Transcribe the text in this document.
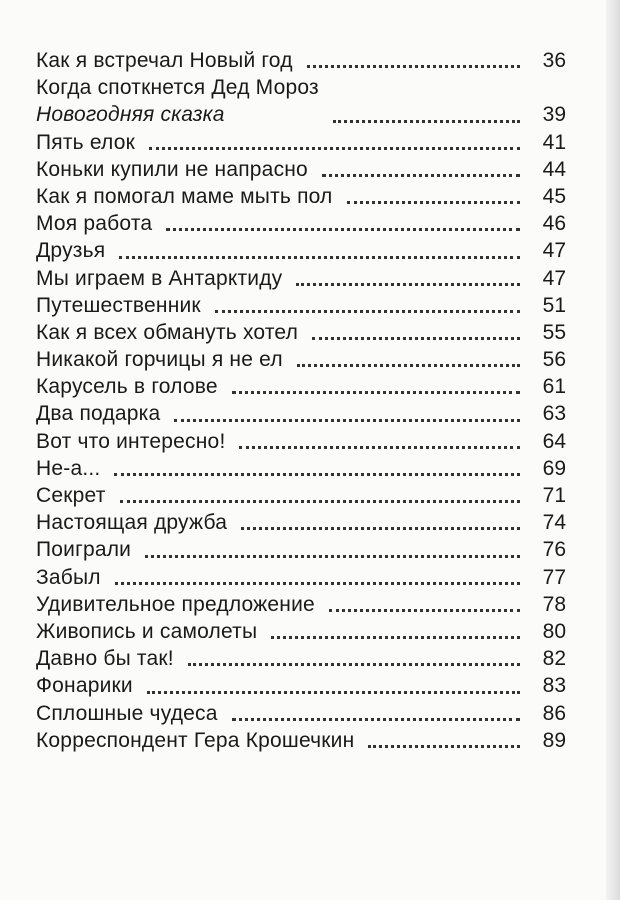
Как я встречал Новый год	36
Когда споткнется Дед Мороз
Новогодняя сказка	39
Пять елок	41
Коньки купили не напрасно	44
Как я помогал маме мыть пол	45
Моя работа	46
Друзья	47
Мы играем в Антарктиду	47
Путешественник	51
Как я всех обмануть хотел	55
Никакой горчицы я не ел	56
Карусель в голове	61
Два подарка	63
Вот что интересно!	64
Не-а...	69
Секрет	71
Настоящая дружба	74
Поиграли	76
Забыл	77
Удивительное предложение	78
Живопись и самолеты	80
Давно бы так!	82
Фонарики	83
Сплошные чудеса	86
Корреспондент Гера Крошечкин	89
